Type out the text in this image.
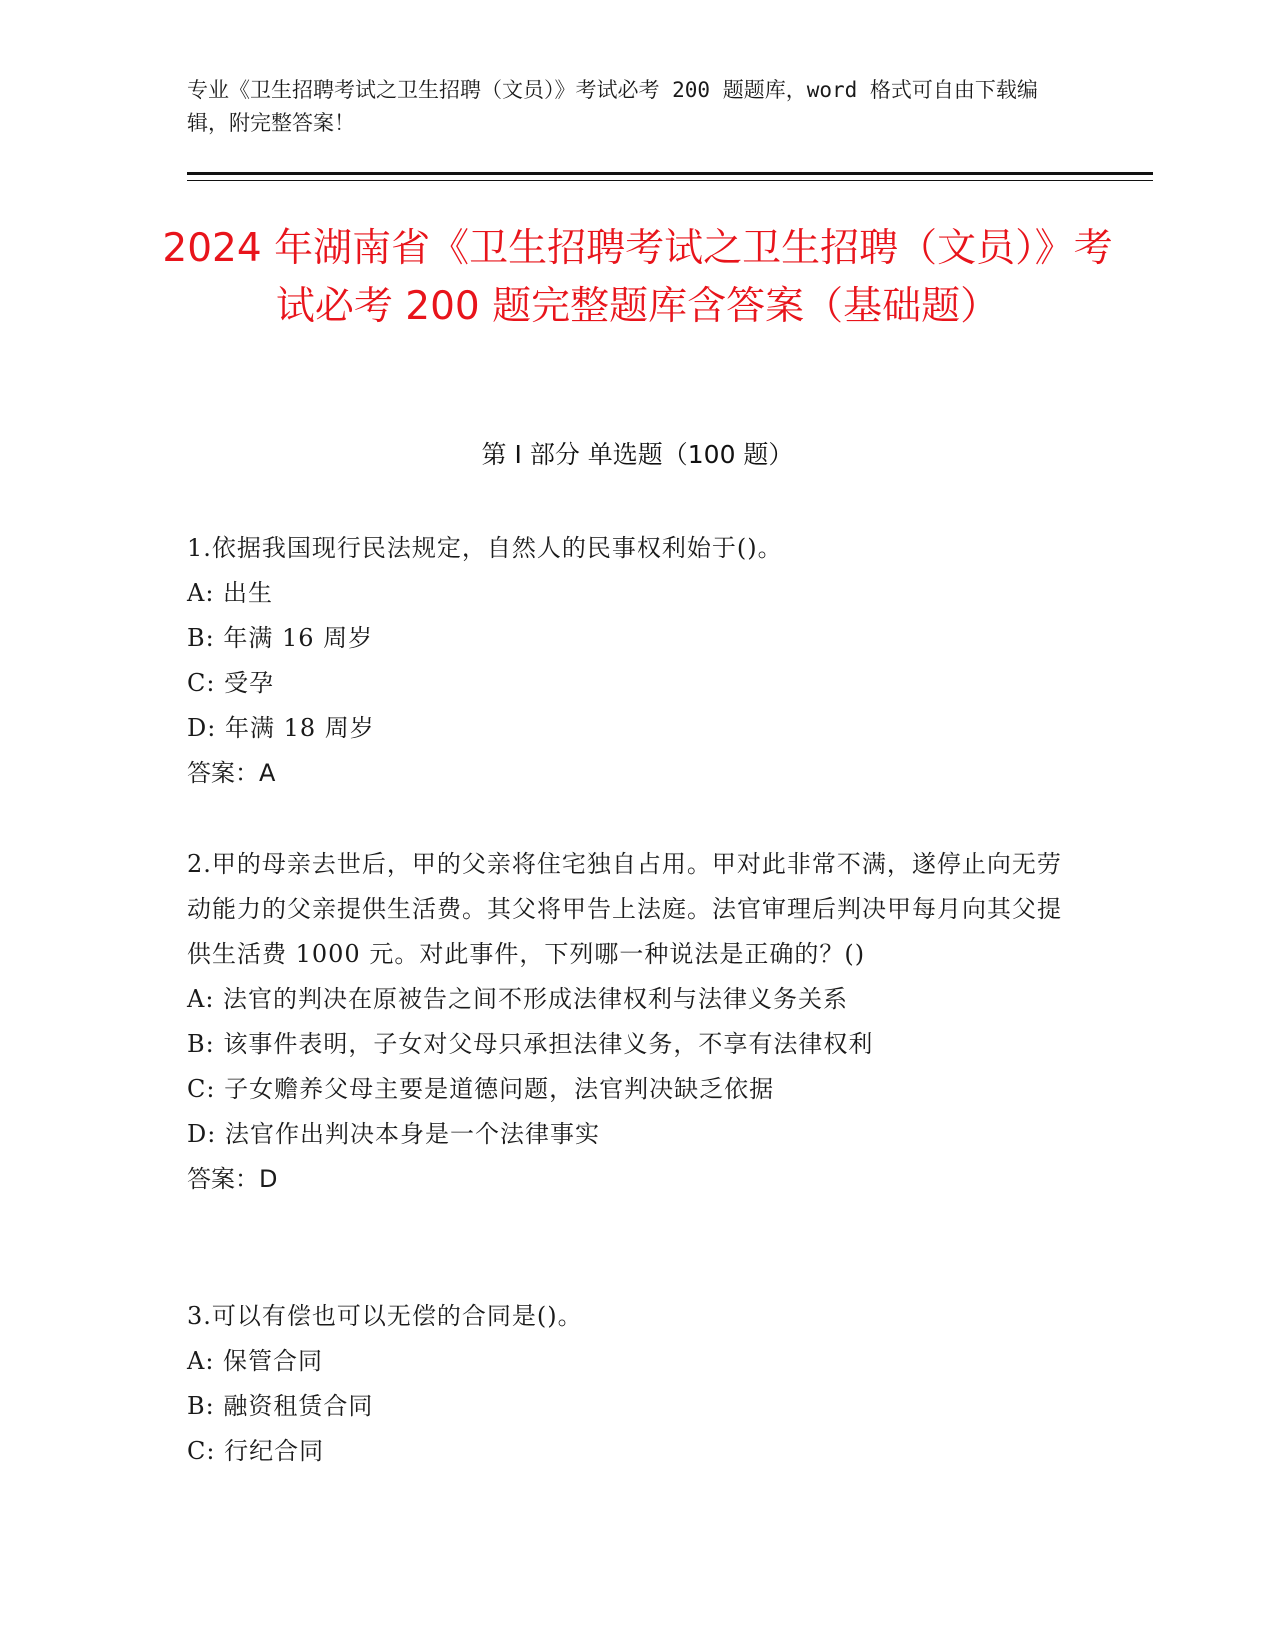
专业《卫生招聘考试之卫生招聘（文员）》考试必考 200 题题库，word 格式可自由下载编辑，附完整答案！
2024 年湖南省《卫生招聘考试之卫生招聘（文员）》考试必考 200 题完整题库含答案（基础题）
第 I 部分 单选题（100 题）

1.依据我国现行民法规定，自然人的民事权利始于()。

A: 出生

B: 年满 16 周岁

C: 受孕

D: 年满 18 周岁

答案：A

2.甲的母亲去世后，甲的父亲将住宅独自占用。甲对此非常不满，遂停止向无劳动能力的父亲提供生活费。其父将甲告上法庭。法官审理后判决甲每月向其父提供生活费 1000 元。对此事件，下列哪一种说法是正确的？()

A: 法官的判决在原被告之间不形成法律权利与法律义务关系

B: 该事件表明，子女对父母只承担法律义务，不享有法律权利

C: 子女赡养父母主要是道德问题，法官判决缺乏依据

D: 法官作出判决本身是一个法律事实

答案：D

3.可以有偿也可以无偿的合同是()。

A: 保管合同

B: 融资租赁合同

C: 行纪合同
